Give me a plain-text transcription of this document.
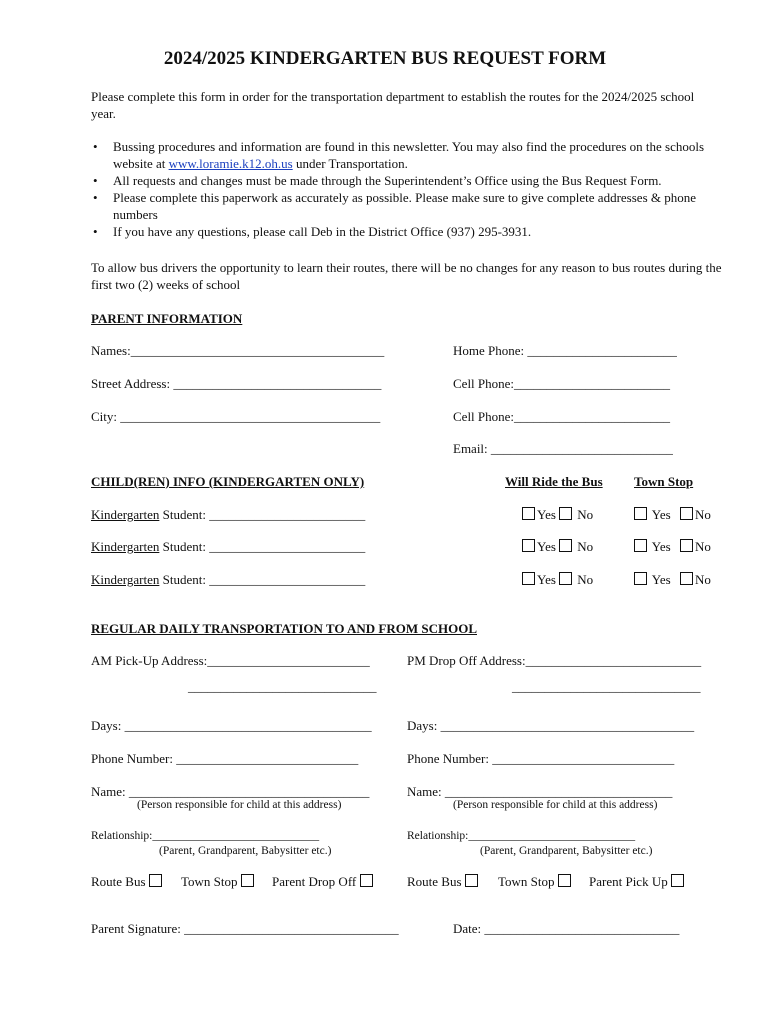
2024/2025 KINDERGARTEN BUS REQUEST FORM
Please complete this form in order for the transportation department to establish the routes for the 2024/2025 school year.
• Bussing procedures and information are found in this newsletter. You may also find the procedures on the schools website at www.loramie.k12.oh.us under Transportation.
• All requests and changes must be made through the Superintendent’s Office using the Bus Request Form.
• Please complete this paperwork as accurately as possible. Please make sure to give complete addresses & phone numbers
• If you have any questions, please call Deb in the District Office (937) 295-3931.
To allow bus drivers the opportunity to learn their routes, there will be no changes for any reason to bus routes during the first two (2) weeks of school
PARENT INFORMATION
Names:_______________________________________	Home Phone: _______________________
Street Address: ________________________________	Cell Phone:________________________
City: ________________________________________	Cell Phone:________________________
Email: ____________________________
CHILD(REN) INFO (KINDERGARTEN ONLY)	Will Ride the Bus Town Stop
Kindergarten Student: ________________________	Yes	No	Yes	No
Kindergarten Student: ________________________	Yes	No	Yes	No
Kindergarten Student: ________________________	Yes	No	Yes	No
REGULAR DAILY TRANSPORTATION TO AND FROM SCHOOL
AM Pick-Up Address:_________________________	PM Drop Off Address:___________________________
_____________________________	_____________________________
Days: ______________________________________	Days: _______________________________________
Phone Number: ____________________________	Phone Number: ____________________________
Name: _____________________________________	Name: ___________________________________
(Person responsible for child at this address)	(Person responsible for child at this address)
Relationship:_____________________________	Relationship:_____________________________
(Parent, Grandparent, Babysitter etc.)	(Parent, Grandparent, Babysitter etc.)
Route Bus	Town Stop	Parent Drop Off	Route Bus	Town Stop	Parent Pick Up
Parent Signature: _________________________________	Date: ______________________________
